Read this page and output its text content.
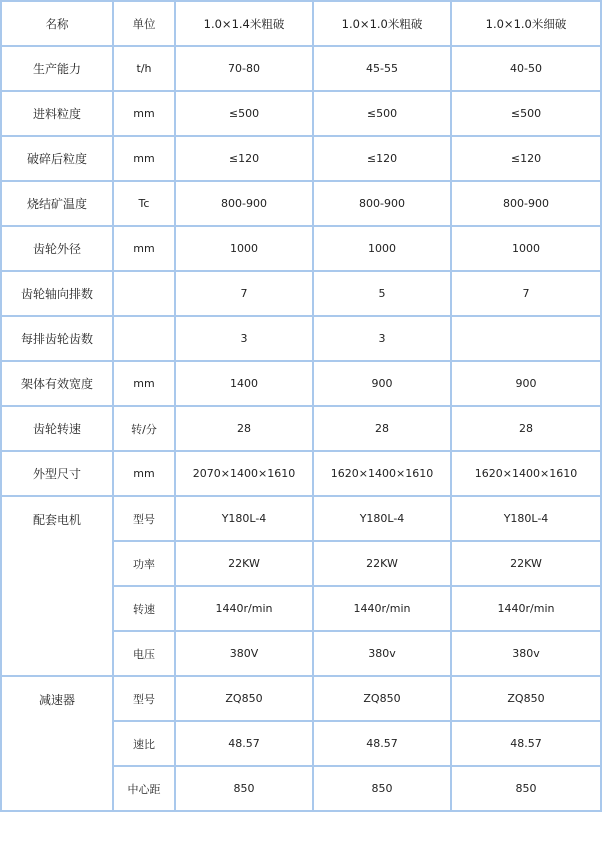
名称	单位	1.0×1.4米粗破	1.0×1.0米粗破	1.0×1.0米细破
生产能力	t/h	70-80	45-55	40-50
进料粒度	mm	≤500	≤500	≤500
破碎后粒度	mm	≤120	≤120	≤120
烧结矿温度	Tc	800-900	800-900	800-900
齿轮外径	mm	1000	1000	1000
齿轮轴向排数		7	5	7
每排齿轮齿数		3	3	
架体有效宽度	mm	1400	900	900
齿轮转速	转/分	28	28	28
外型尺寸	mm	2070×1400×1610	1620×1400×1610	1620×1400×1610
配套电机	型号	Y180L-4	Y180L-4	Y180L-4
	功率	22KW	22KW	22KW
	转速	1440r/min	1440r/min	1440r/min
	电压	380V	380v	380v
减速器	型号	ZQ850	ZQ850	ZQ850
	速比	48.57	48.57	48.57
	中心距	850	850	850
